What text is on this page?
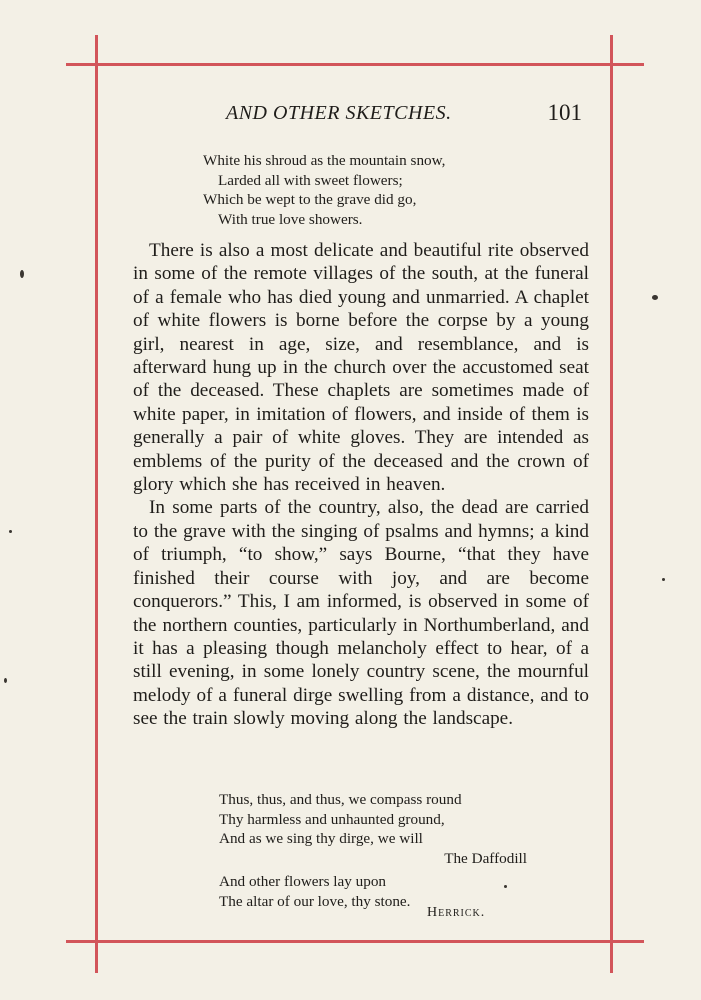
AND OTHER SKETCHES.	101
White his shroud as the mountain snow,
Larded all with sweet flowers;
Which be wept to the grave did go,
With true love showers.

There is also a most delicate and beautiful rite observed in some of the remote villages of the south, at the funeral of a female who has died young and unmarried. A chaplet of white flowers is borne before the corpse by a young girl, nearest in age, size, and resemblance, and is afterward hung up in the church over the accustomed seat of the deceased. These chaplets are sometimes made of white paper, in imitation of flowers, and inside of them is generally a pair of white gloves. They are intended as emblems of the purity of the deceased and the crown of glory which she has received in heaven.

In some parts of the country, also, the dead are carried to the grave with the singing of psalms and hymns; a kind of triumph, “to show,” says Bourne, “that they have finished their course with joy, and are become conquerors.” This, I am informed, is observed in some of the northern counties, particularly in Northumberland, and it has a pleasing though melancholy effect to hear, of a still evening, in some lonely country scene, the mournful melody of a funeral dirge swelling from a distance, and to see the train slowly moving along the landscape.

Thus, thus, and thus, we compass round
Thy harmless and unhaunted ground,
And as we sing thy dirge, we will
The Daffodill
And other flowers lay upon
The altar of our love, thy stone.
Herrick.
